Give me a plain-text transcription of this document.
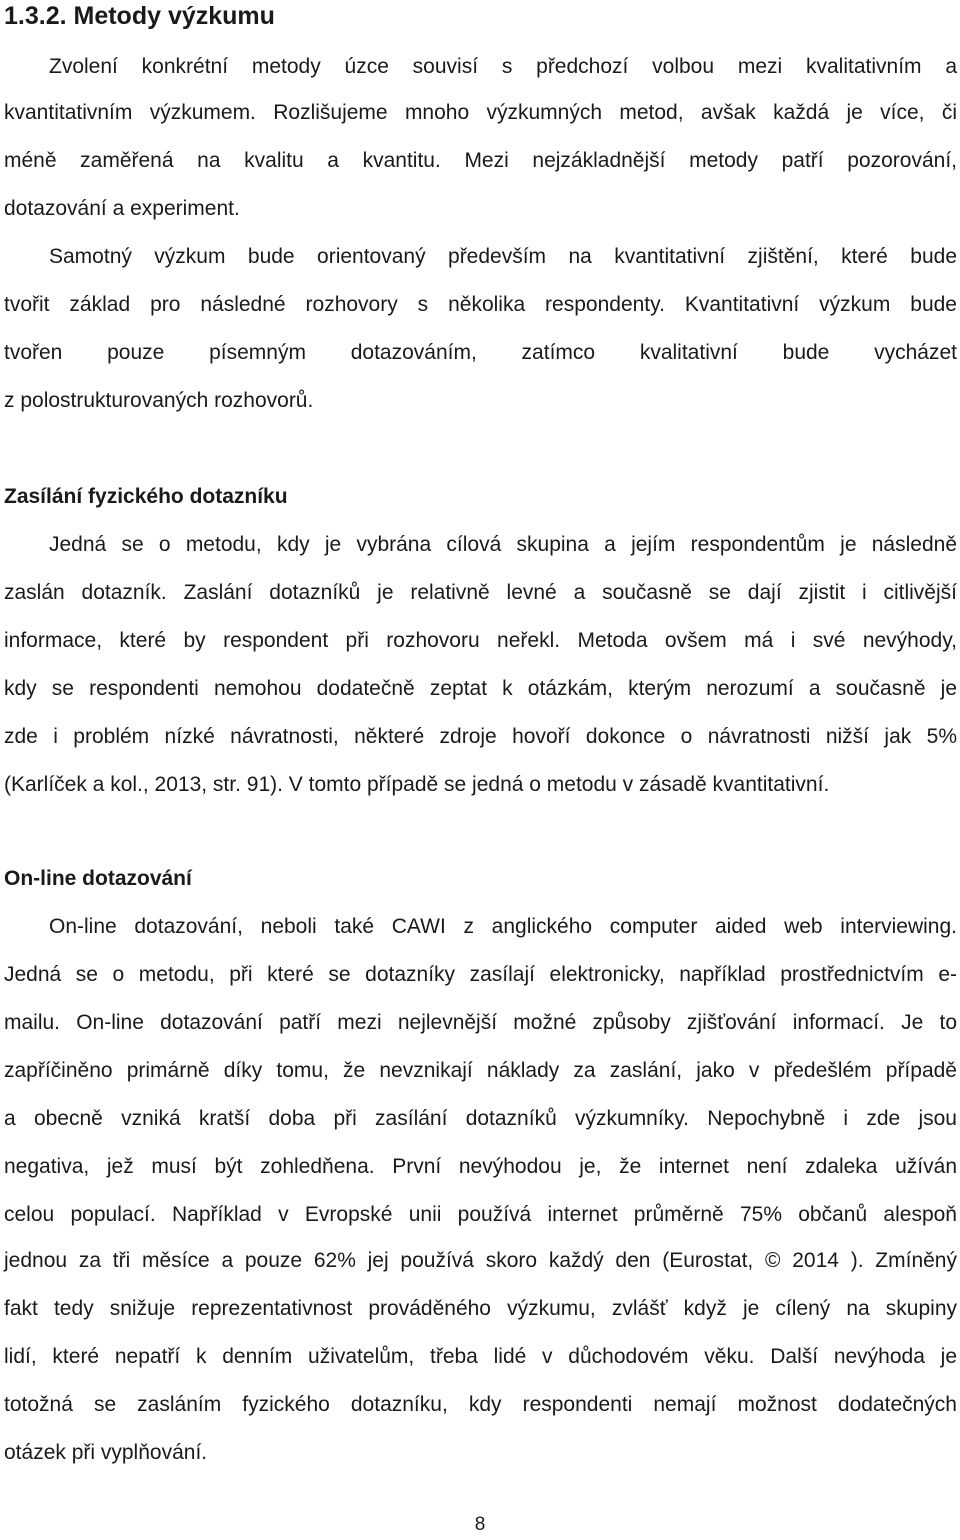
1.3.2. Metody výzkumu
Zvolení konkrétní metody úzce souvisí s předchozí volbou mezi kvalitativním a
kvantitativním výzkumem. Rozlišujeme mnoho výzkumných metod, avšak každá je více, či
méně zaměřená na kvalitu a kvantitu. Mezi nejzákladnější metody patří pozorování,
dotazování a experiment.
Samotný výzkum bude orientovaný především na kvantitativní zjištění, které bude
tvořit základ pro následné rozhovory s několika respondenty. Kvantitativní výzkum bude
tvořen pouze písemným dotazováním, zatímco kvalitativní bude vycházet
z polostrukturovaných rozhovorů.
Zasílání fyzického dotazníku
Jedná se o metodu, kdy je vybrána cílová skupina a jejím respondentům je následně
zaslán dotazník. Zaslání dotazníků je relativně levné a současně se dají zjistit i citlivější
informace, které by respondent při rozhovoru neřekl. Metoda ovšem má i své nevýhody,
kdy se respondenti nemohou dodatečně zeptat k otázkám, kterým nerozumí a současně je
zde i problém nízké návratnosti, některé zdroje hovoří dokonce o návratnosti nižší jak 5%
(Karlíček a kol., 2013, str. 91). V tomto případě se jedná o metodu v zásadě kvantitativní.
On-line dotazování
On-line dotazování, neboli také CAWI z anglického computer aided web interviewing.
Jedná se o metodu, při které se dotazníky zasílají elektronicky, například prostřednictvím e-
mailu. On-line dotazování patří mezi nejlevnější možné způsoby zjišťování informací. Je to
zapříčiněno primárně díky tomu, že nevznikají náklady za zaslání, jako v předešlém případě
a obecně vzniká kratší doba při zasílání dotazníků výzkumníky. Nepochybně i zde jsou
negativa, jež musí být zohledňena. První nevýhodou je, že internet není zdaleka užíván
celou populací. Například v Evropské unii používá internet průměrně 75% občanů alespoň
jednou za tři měsíce a pouze 62% jej používá skoro každý den (Eurostat, © 2014 ). Zmíněný
fakt tedy snižuje reprezentativnost prováděného výzkumu, zvlášť když je cílený na skupiny
lidí, které nepatří k denním uživatelům, třeba lidé v důchodovém věku. Další nevýhoda je
totožná se zasláním fyzického dotazníku, kdy respondenti nemají možnost dodatečných
otázek při vyplňování.
8
